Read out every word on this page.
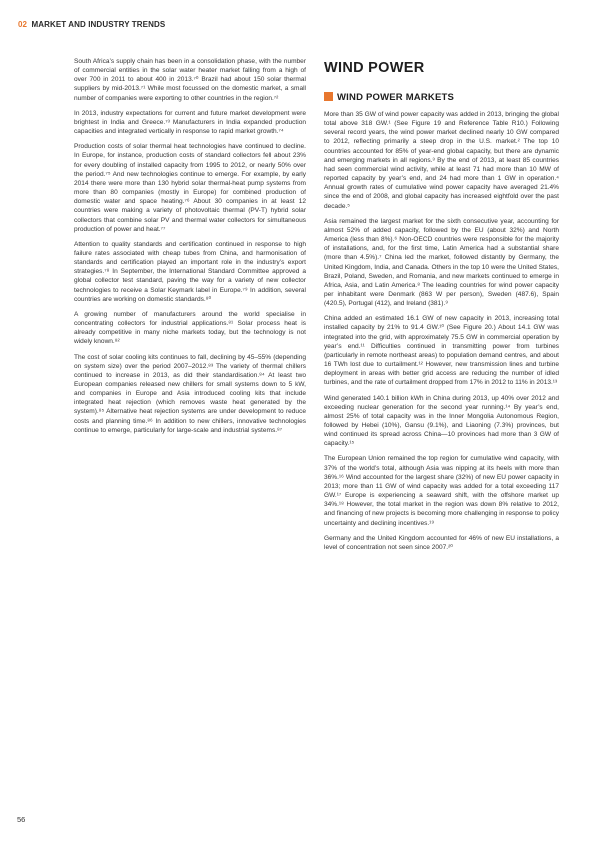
02 MARKET AND INDUSTRY TRENDS

South Africa’s supply chain has been in a consolidation phase, with the number of commercial entities in the solar water heater market falling from a high of over 700 in 2011 to about 400 in 2013.⁷⁰ Brazil had about 150 solar thermal suppliers by mid-2013.⁷¹ While most focussed on the domestic market, a small number of companies were exporting to other countries in the region.⁷²

In 2013, industry expectations for current and future market development were brightest in India and Greece.⁷³ Manufacturers in India expanded production capacities and integrated vertically in response to rapid market growth.⁷⁴

Production costs of solar thermal heat technologies have continued to decline. In Europe, for instance, production costs of standard collectors fell about 23% for every doubling of installed capacity from 1995 to 2012, or nearly 50% over the period.⁷⁵ And new technologies continue to emerge. For example, by early 2014 there were more than 130 hybrid solar thermal-heat pump systems from more than 80 companies (mostly in Europe) for combined production of domestic water and space heating.⁷⁶ About 30 companies in at least 12 countries were making a variety of photovoltaic thermal (PV-T) hybrid solar collectors that combine solar PV and thermal water collectors for simultaneous production of power and heat.⁷⁷

Attention to quality standards and certification continued in response to high failure rates associated with cheap tubes from China, and harmonisation of standards and certification played an important role in the industry’s export strategies.⁷⁸ In September, the International Standard Committee approved a global collector test standard, paving the way for a variety of new collector technologies to receive a Solar Keymark label in Europe.⁷⁹ In addition, several countries are working on domestic standards.⁸⁰

A growing number of manufacturers around the world specialise in concentrating collectors for industrial applications.⁸¹ Solar process heat is already competitive in many niche markets today, but the technology is not widely known.⁸²

The cost of solar cooling kits continues to fall, declining by 45–55% (depending on system size) over the period 2007–2012.⁸³ The variety of thermal chillers continued to increase in 2013, as did their standardisation.⁸⁴ At least two European companies released new chillers for small systems down to 5 kW, and companies in Europe and Asia introduced cooling kits that include integrated heat rejection (which removes waste heat generated by the system).⁸⁵ Alternative heat rejection systems are under development to reduce costs and planning time.⁸⁶ In addition to new chillers, innovative technologies continue to emerge, particularly for large-scale and industrial systems.⁸⁷

WIND POWER
WIND POWER MARKETS

More than 35 GW of wind power capacity was added in 2013, bringing the global total above 318 GW.¹ (See Figure 19 and Reference Table R10.) Following several record years, the wind power market declined nearly 10 GW compared to 2012, reflecting primarily a steep drop in the U.S. market.² The top 10 countries accounted for 85% of year-end global capacity, but there are dynamic and emerging markets in all regions.³ By the end of 2013, at least 85 countries had seen commercial wind activity, while at least 71 had more than 10 MW of reported capacity by year’s end, and 24 had more than 1 GW in operation.⁴ Annual growth rates of cumulative wind power capacity have averaged 21.4% since the end of 2008, and global capacity has increased eightfold over the past decade.⁵

Asia remained the largest market for the sixth consecutive year, accounting for almost 52% of added capacity, followed by the EU (about 32%) and North America (less than 8%).⁶ Non-OECD countries were responsible for the majority of installations, and, for the first time, Latin America had a substantial share (more than 4.5%).⁷ China led the market, followed distantly by Germany, the United Kingdom, India, and Canada. Others in the top 10 were the United States, Brazil, Poland, Sweden, and Romania, and new markets continued to emerge in Africa, Asia, and Latin America.⁸ The leading countries for wind power capacity per inhabitant were Denmark (863 W per person), Sweden (487.6), Spain (420.5), Portugal (412), and Ireland (381).⁹

China added an estimated 16.1 GW of new capacity in 2013, increasing total installed capacity by 21% to 91.4 GW.¹⁰ (See Figure 20.) About 14.1 GW was integrated into the grid, with approximately 75.5 GW in commercial operation by year’s end.¹¹ Difficulties continued in transmitting power from turbines (particularly in remote northeast areas) to population demand centres, and about 16 TWh lost due to curtailment.¹² However, new transmission lines and turbine deployment in areas with better grid access are reducing the number of idled turbines, and the rate of curtailment dropped from 17% in 2012 to 11% in 2013.¹³

Wind generated 140.1 billion kWh in China during 2013, up 40% over 2012 and exceeding nuclear generation for the second year running.¹⁴ By year’s end, almost 25% of total capacity was in the Inner Mongolia Autonomous Region, followed by Hebei (10%), Gansu (9.1%), and Liaoning (7.3%) provinces, but wind continued its spread across China—10 provinces had more than 3 GW of capacity.¹⁵

The European Union remained the top region for cumulative wind capacity, with 37% of the world’s total, although Asia was nipping at its heels with more than 36%.¹⁶ Wind accounted for the largest share (32%) of new EU power capacity in 2013; more than 11 GW of wind capacity was added for a total exceeding 117 GW.¹⁷ Europe is experiencing a seaward shift, with the offshore market up 34%.¹⁸ However, the total market in the region was down 8% relative to 2012, and financing of new projects is becoming more challenging in response to policy uncertainty and declining incentives.¹⁹

Germany and the United Kingdom accounted for 46% of new EU installations, a level of concentration not seen since 2007.²⁰

56
